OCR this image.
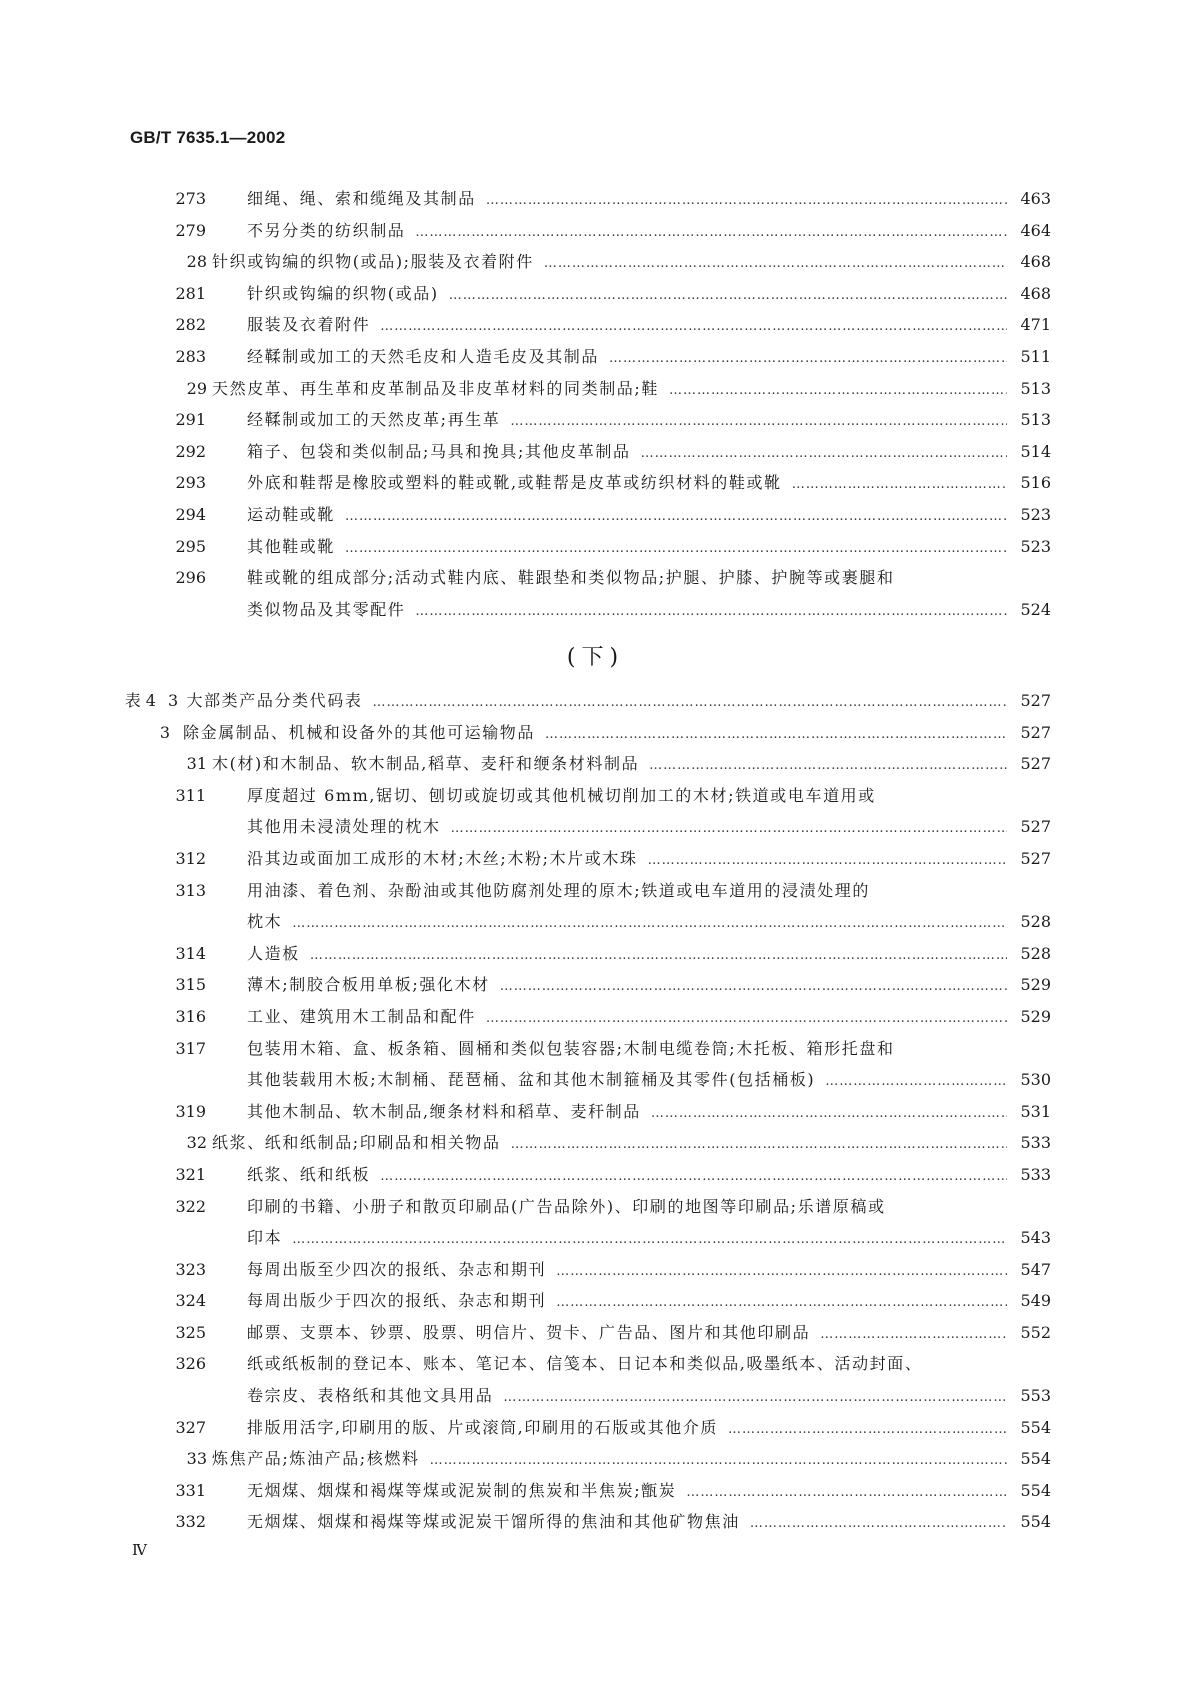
GB/T 7635.1—2002
273	细绳、绳、索和缆绳及其制品 ……………………………………………………………………………………………………………………………………………………………………………………………………………………	463
279	不另分类的纺织制品 ……………………………………………………………………………………………………………………………………………………………………………………………………………………	464
28 针织或钩编的织物(或品);服装及衣着附件 ……………………………………………………………………………………………………………………………………………………………………………………………………………………	468
281	针织或钩编的织物(或品) ……………………………………………………………………………………………………………………………………………………………………………………………………………………	468
282	服装及衣着附件 ……………………………………………………………………………………………………………………………………………………………………………………………………………………	471
283	经鞣制或加工的天然毛皮和人造毛皮及其制品 ……………………………………………………………………………………………………………………………………………………………………………………………………………………	511
29 天然皮革、再生革和皮革制品及非皮革材料的同类制品;鞋 ……………………………………………………………………………………………………………………………………………………………………………………………………………………	513
291	经鞣制或加工的天然皮革;再生革 ……………………………………………………………………………………………………………………………………………………………………………………………………………………	513
292	箱子、包袋和类似制品;马具和挽具;其他皮革制品 ……………………………………………………………………………………………………………………………………………………………………………………………………………………	514
293	外底和鞋帮是橡胶或塑料的鞋或靴,或鞋帮是皮革或纺织材料的鞋或靴 ……………………………………………………………………………………………………………………………………………………………………………………………………………………	516
294	运动鞋或靴 ……………………………………………………………………………………………………………………………………………………………………………………………………………………	523
295	其他鞋或靴 ……………………………………………………………………………………………………………………………………………………………………………………………………………………	523
296	鞋或靴的组成部分;活动式鞋内底、鞋跟垫和类似物品;护腿、护膝、护腕等或裹腿和
类似物品及其零配件 ……………………………………………………………………………………………………………………………………………………………………………………………………………………	524
(下)
表 4 3 大部类产品分类代码表 ……………………………………………………………………………………………………………………………………………………………………………………………………………………	527
3 除金属制品、机械和设备外的其他可运输物品 ……………………………………………………………………………………………………………………………………………………………………………………………………………………	527
31 木(材)和木制品、软木制品,稻草、麦秆和缏条材料制品 ……………………………………………………………………………………………………………………………………………………………………………………………………………………	527
311	厚度超过 6mm,锯切、刨切或旋切或其他机械切削加工的木材;铁道或电车道用或
其他用未浸渍处理的枕木 ……………………………………………………………………………………………………………………………………………………………………………………………………………………	527
312	沿其边或面加工成形的木材;木丝;木粉;木片或木珠 ……………………………………………………………………………………………………………………………………………………………………………………………………………………	527
313	用油漆、着色剂、杂酚油或其他防腐剂处理的原木;铁道或电车道用的浸渍处理的
枕木 ……………………………………………………………………………………………………………………………………………………………………………………………………………………	528
314	人造板 ……………………………………………………………………………………………………………………………………………………………………………………………………………………	528
315	薄木;制胶合板用单板;强化木材 ……………………………………………………………………………………………………………………………………………………………………………………………………………………	529
316	工业、建筑用木工制品和配件 ……………………………………………………………………………………………………………………………………………………………………………………………………………………	529
317	包装用木箱、盒、板条箱、圆桶和类似包装容器;木制电缆卷筒;木托板、箱形托盘和
其他装载用木板;木制桶、琵琶桶、盆和其他木制箍桶及其零件(包括桶板) ……………………………………………………………………………………………………………………………………………………………………………………………………………………	530
319	其他木制品、软木制品,缏条材料和稻草、麦秆制品 ……………………………………………………………………………………………………………………………………………………………………………………………………………………	531
32 纸浆、纸和纸制品;印刷品和相关物品 ……………………………………………………………………………………………………………………………………………………………………………………………………………………	533
321	纸浆、纸和纸板 ……………………………………………………………………………………………………………………………………………………………………………………………………………………	533
322	印刷的书籍、小册子和散页印刷品(广告品除外)、印刷的地图等印刷品;乐谱原稿或
印本 ……………………………………………………………………………………………………………………………………………………………………………………………………………………	543
323	每周出版至少四次的报纸、杂志和期刊 ……………………………………………………………………………………………………………………………………………………………………………………………………………………	547
324	每周出版少于四次的报纸、杂志和期刊 ……………………………………………………………………………………………………………………………………………………………………………………………………………………	549
325	邮票、支票本、钞票、股票、明信片、贺卡、广告品、图片和其他印刷品 ……………………………………………………………………………………………………………………………………………………………………………………………………………………	552
326	纸或纸板制的登记本、账本、笔记本、信笺本、日记本和类似品,吸墨纸本、活动封面、
卷宗皮、表格纸和其他文具用品 ……………………………………………………………………………………………………………………………………………………………………………………………………………………	553
327	排版用活字,印刷用的版、片或滚筒,印刷用的石版或其他介质 ……………………………………………………………………………………………………………………………………………………………………………………………………………………	554
33 炼焦产品;炼油产品;核燃料 ……………………………………………………………………………………………………………………………………………………………………………………………………………………	554
331	无烟煤、烟煤和褐煤等煤或泥炭制的焦炭和半焦炭;甑炭 ……………………………………………………………………………………………………………………………………………………………………………………………………………………	554
332	无烟煤、烟煤和褐煤等煤或泥炭干馏所得的焦油和其他矿物焦油 ……………………………………………………………………………………………………………………………………………………………………………………………………………………	554
Ⅳ
